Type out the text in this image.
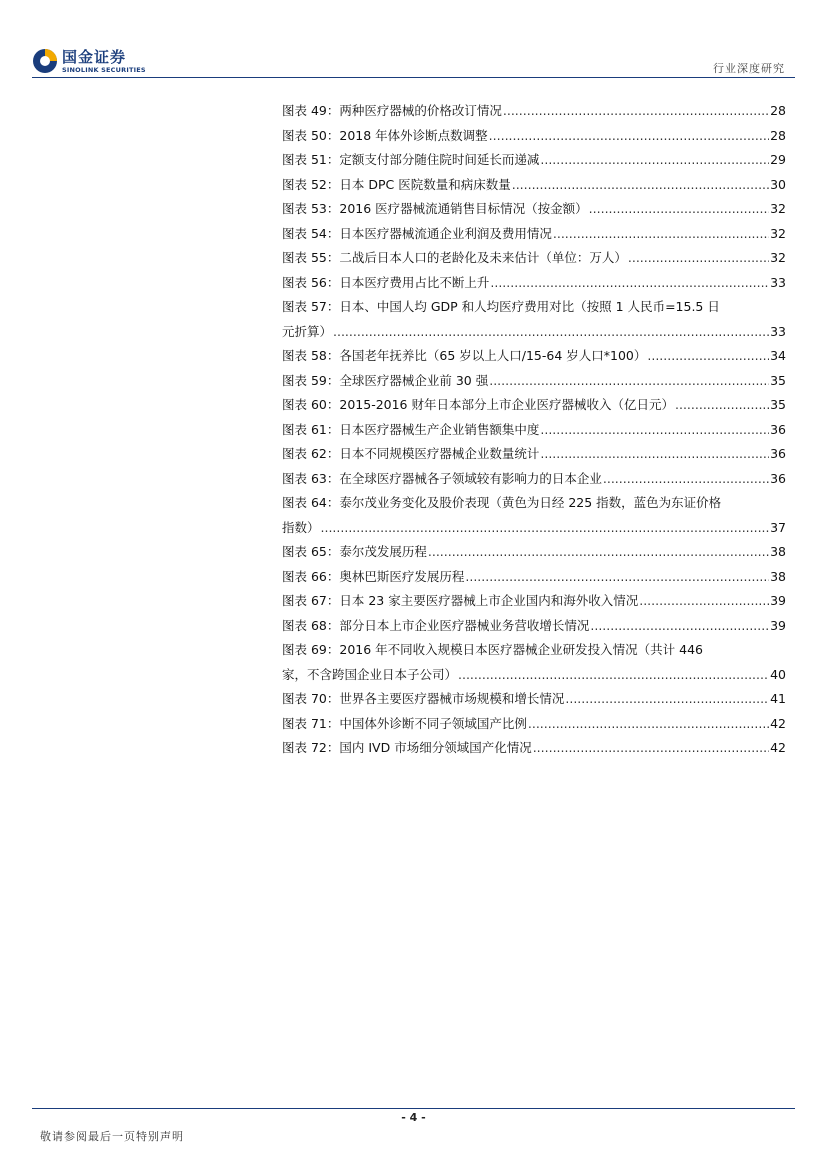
国金证券
SINOLINK SECURITIES	行业深度研究
图表 49：两种医疗器械的价格改订情况 .....	28
图表 50：2018 年体外诊断点数调整 .....	28
图表 51：定额支付部分随住院时间延长而递减 .....	29
图表 52：日本 DPC 医院数量和病床数量 .....	30
图表 53：2016 医疗器械流通销售目标情况（按金额） .....	32
图表 54：日本医疗器械流通企业利润及费用情况 .....	32
图表 55：二战后日本人口的老龄化及未来估计（单位：万人） .....	32
图表 56：日本医疗费用占比不断上升 .....	33
图表 57：日本、中国人均 GDP 和人均医疗费用对比（按照 1 人民币=15.5 日
元折算） .....	33
图表 58：各国老年抚养比（65 岁以上人口/15-64 岁人口*100） .....	34
图表 59：全球医疗器械企业前 30 强 .....	35
图表 60：2015-2016 财年日本部分上市企业医疗器械收入（亿日元） .....	35
图表 61：日本医疗器械生产企业销售额集中度 .....	36
图表 62：日本不同规模医疗器械企业数量统计 .....	36
图表 63：在全球医疗器械各子领域较有影响力的日本企业 .....	36
图表 64：泰尔茂业务变化及股价表现（黄色为日经 225 指数，蓝色为东证价格
指数） .....	37
图表 65：泰尔茂发展历程 .....	38
图表 66：奥林巴斯医疗发展历程 .....	38
图表 67：日本 23 家主要医疗器械上市企业国内和海外收入情况 .....	39
图表 68：部分日本上市企业医疗器械业务营收增长情况 .....	39
图表 69：2016 年不同收入规模日本医疗器械企业研发投入情况（共计 446
家，不含跨国企业日本子公司） .....	40
图表 70：世界各主要医疗器械市场规模和增长情况 .....	41
图表 71：中国体外诊断不同子领域国产比例 .....	42
图表 72：国内 IVD 市场细分领域国产化情况 .....	42
- 4 -
敬请参阅最后一页特别声明
